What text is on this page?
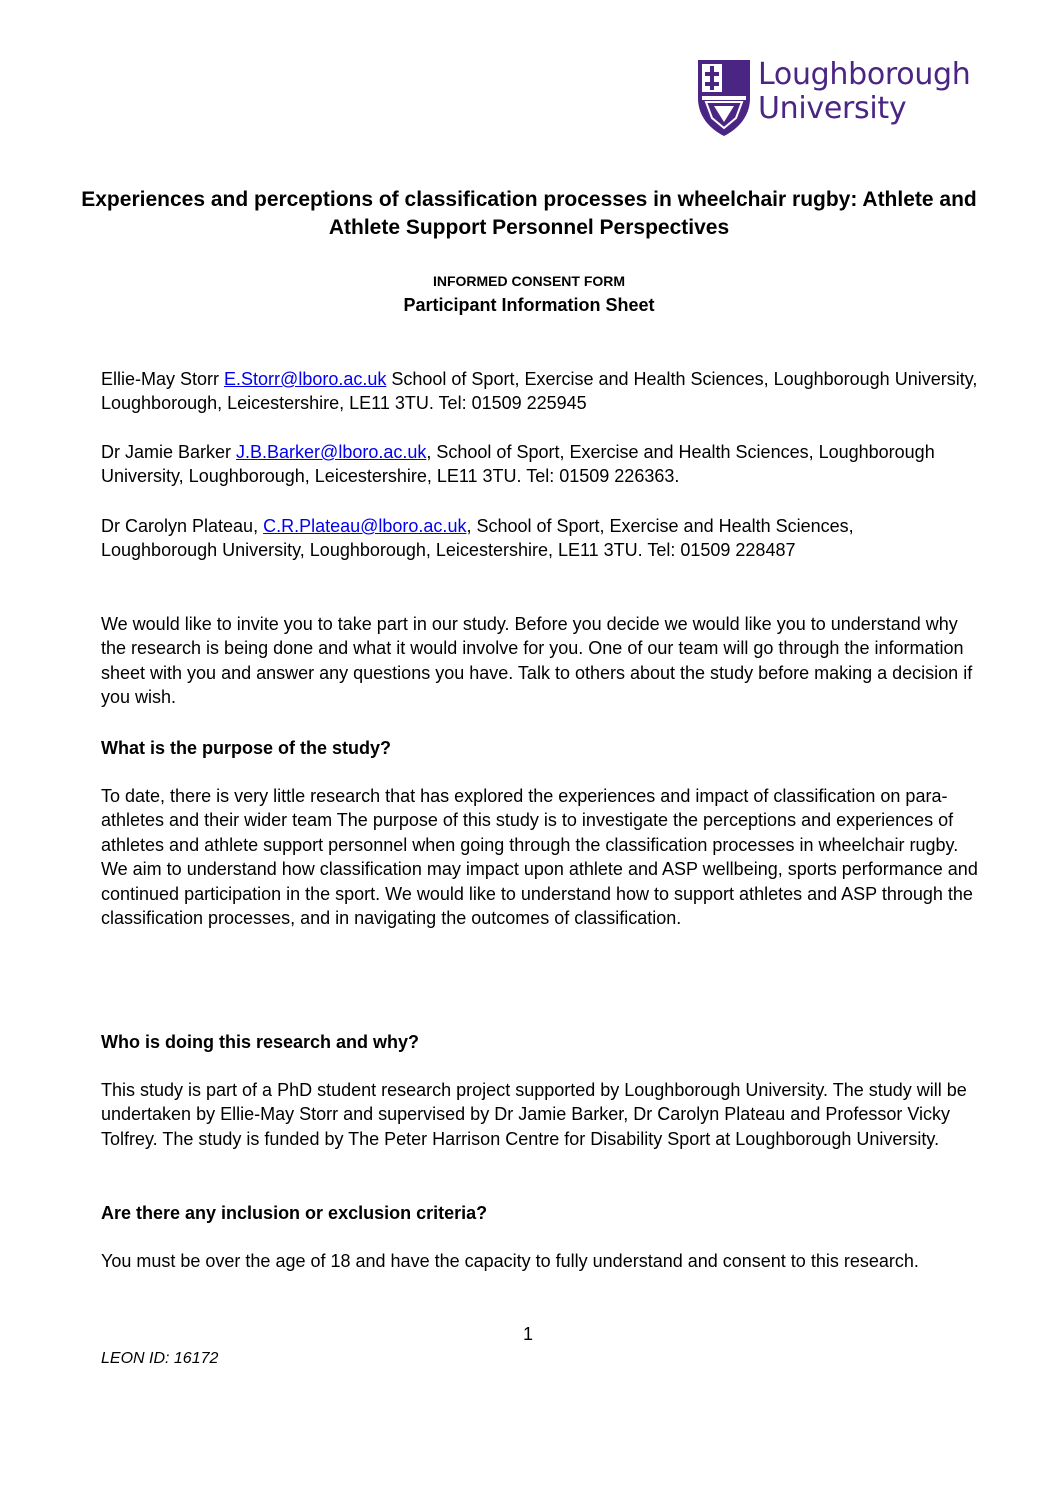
Loughborough
University
Experiences and perceptions of classification processes in wheelchair rugby: Athlete and Athlete Support Personnel Perspectives
INFORMED CONSENT FORM
Participant Information Sheet

Ellie-May Storr E.Storr@lboro.ac.uk School of Sport, Exercise and Health Sciences, Loughborough University, Loughborough, Leicestershire, LE11 3TU. Tel: 01509 225945

Dr Jamie Barker J.B.Barker@lboro.ac.uk, School of Sport, Exercise and Health Sciences, Loughborough University, Loughborough, Leicestershire, LE11 3TU. Tel: 01509 226363.

Dr Carolyn Plateau, C.R.Plateau@lboro.ac.uk, School of Sport, Exercise and Health Sciences, Loughborough University, Loughborough, Leicestershire, LE11 3TU. Tel: 01509 228487

We would like to invite you to take part in our study. Before you decide we would like you to understand why the research is being done and what it would involve for you. One of our team will go through the information sheet with you and answer any questions you have. Talk to others about the study before making a decision if you wish.

What is the purpose of the study?
To date, there is very little research that has explored the experiences and impact of classification on para-athletes and their wider team The purpose of this study is to investigate the perceptions and experiences of athletes and athlete support personnel when going through the classification processes in wheelchair rugby. We aim to understand how classification may impact upon athlete and ASP wellbeing, sports performance and continued participation in the sport. We would like to understand how to support athletes and ASP through the classification processes, and in navigating the outcomes of classification.
Who is doing this research and why?
This study is part of a PhD student research project supported by Loughborough University. The study will be undertaken by Ellie-May Storr and supervised by Dr Jamie Barker, Dr Carolyn Plateau and Professor Vicky Tolfrey. The study is funded by The Peter Harrison Centre for Disability Sport at Loughborough University.
Are there any inclusion or exclusion criteria?
You must be over the age of 18 and have the capacity to fully understand and consent to this research.
1
LEON ID: 16172
